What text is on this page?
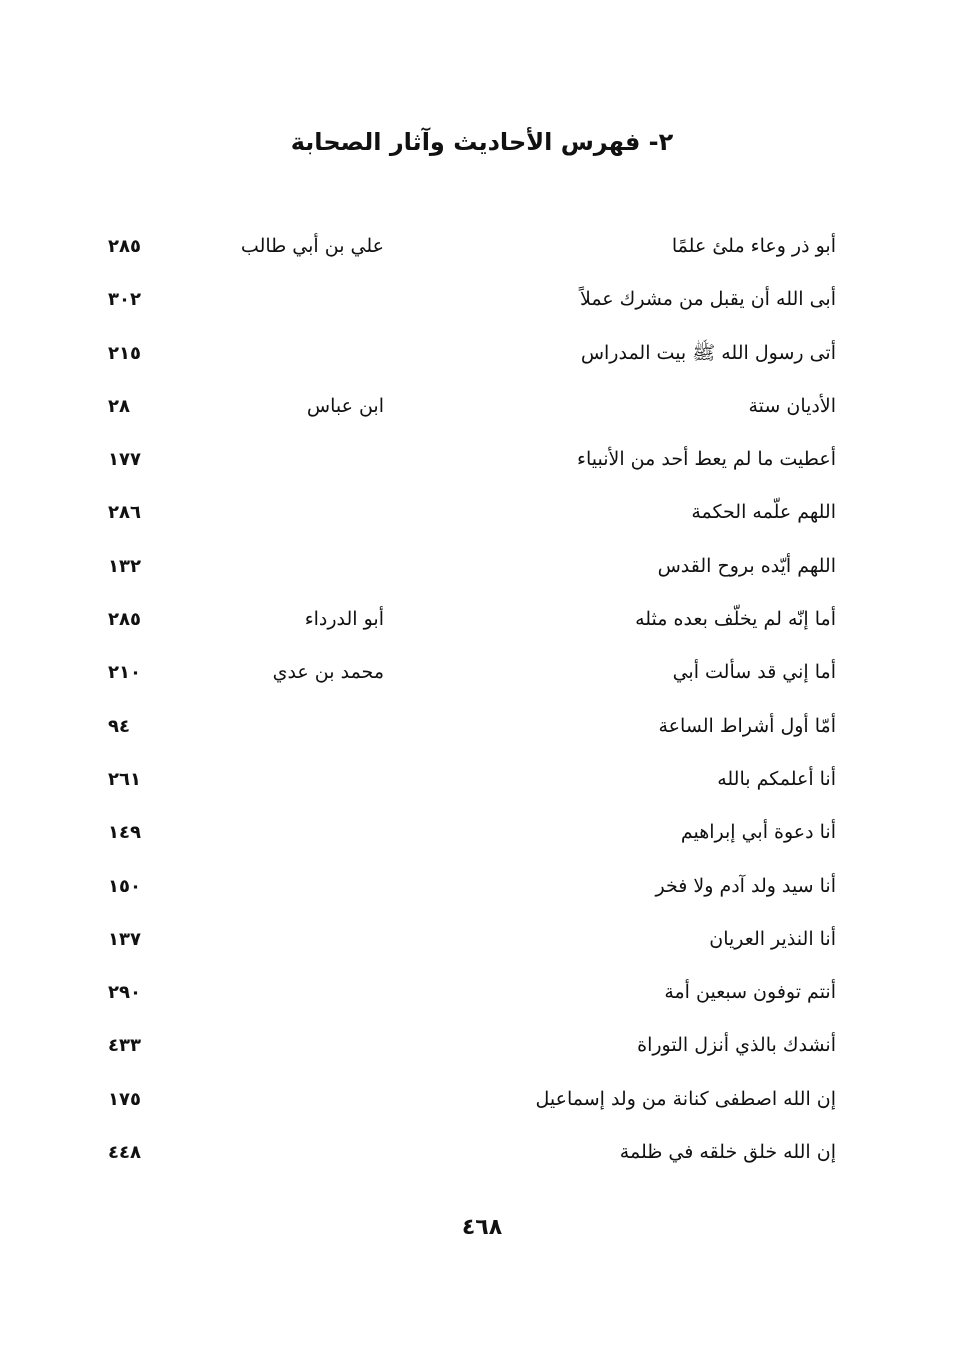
٢- فهرس الأحاديث وآثار الصحابة
أبو ذر وعاء ملئ علمًا
علي بن أبي طالب
٢٨٥
أبى الله أن يقبل من مشرك عملاً
٣٠٢
أتى رسول الله ﷺ بيت المدراس
٢١٥
الأديان ستة
ابن عباس
٢٨
أعطيت ما لم يعط أحد من الأنبياء
١٧٧
اللهم علّمه الحكمة
٢٨٦
اللهم أيّده بروح القدس
١٣٢
أما إنّه لم يخلّف بعده مثله
أبو الدرداء
٢٨٥
أما إني قد سألت أبي
محمد بن عدي
٢١٠
أمّا أول أشراط الساعة
٩٤
أنا أعلمكم بالله
٢٦١
أنا دعوة أبي إبراهيم
١٤٩
أنا سيد ولد آدم ولا فخر
١٥٠
أنا النذير العريان
١٣٧
أنتم توفون سبعين أمة
٢٩٠
أنشدك بالذي أنزل التوراة
٤٣٣
إن الله اصطفى كنانة من ولد إسماعيل
١٧٥
إن الله خلق خلقه في ظلمة
٤٤٨
٤٦٨
